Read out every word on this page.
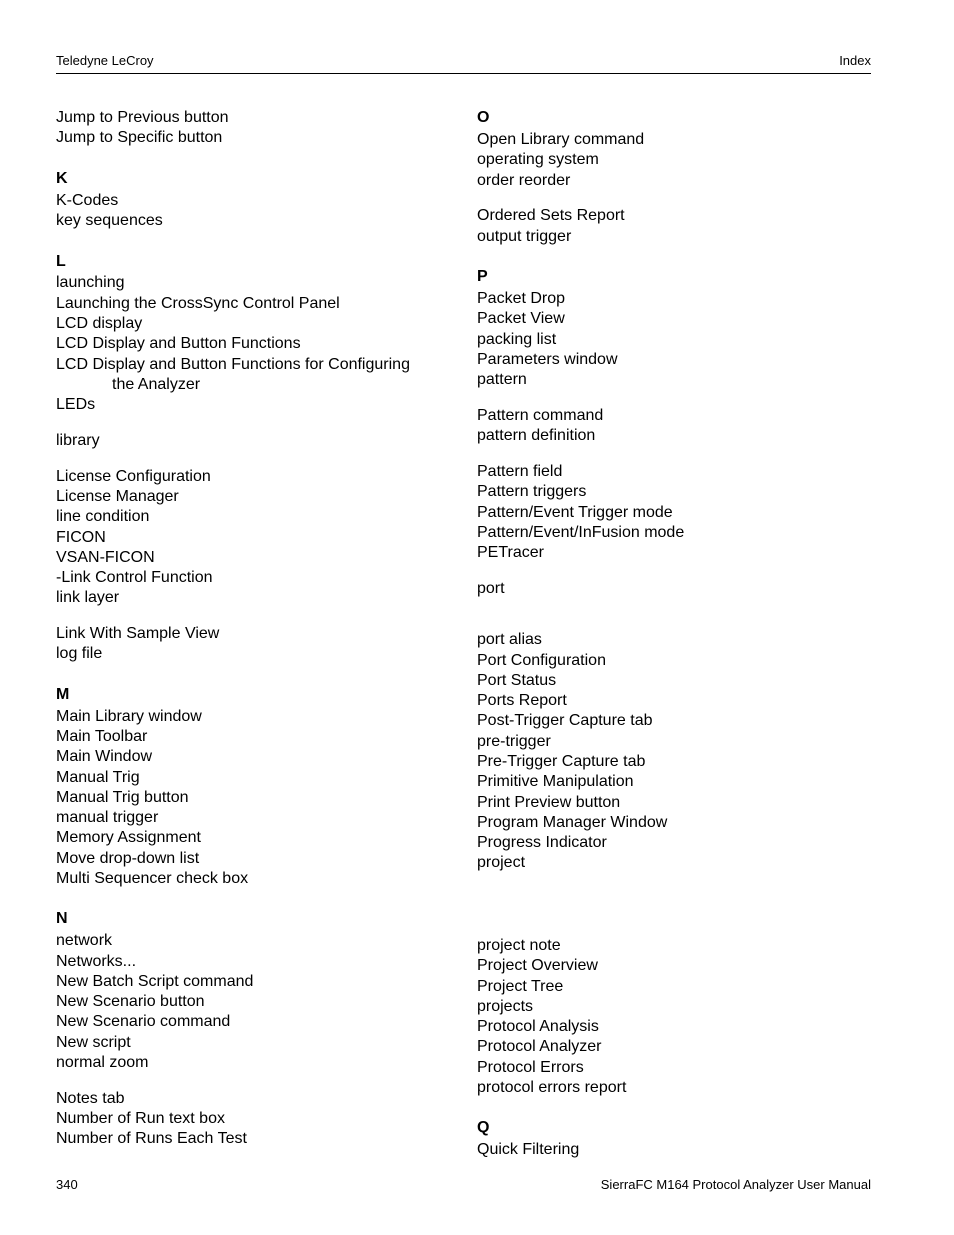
Teledyne LeCroy	Index
Jump to Previous button
Jump to Specific button
K
K-Codes
key sequences
L
launching
Launching the CrossSync Control Panel
LCD display
LCD Display and Button Functions
LCD Display and Button Functions for Configuring
the Analyzer
LEDs
library
License Configuration
License Manager
line condition
FICON
VSAN-FICON
-Link Control Function
link layer
Link With Sample View
log file
M
Main Library window
Main Toolbar
Main Window
Manual Trig
Manual Trig button
manual trigger
Memory Assignment
Move drop-down list
Multi Sequencer check box
N
network
Networks...
New Batch Script command
New Scenario button
New Scenario command
New script
normal zoom
Notes tab
Number of Run text box
Number of Runs Each Test
O
Open Library command
operating system
order reorder
Ordered Sets Report
output trigger
P
Packet Drop
Packet View
packing list
Parameters window
pattern
Pattern command
pattern definition
Pattern field
Pattern triggers
Pattern/Event Trigger mode
Pattern/Event/InFusion mode
PETracer
port
port alias
Port Configuration
Port Status
Ports Report
Post-Trigger Capture tab
pre-trigger
Pre-Trigger Capture tab
Primitive Manipulation
Print Preview button
Program Manager Window
Progress Indicator
project
project note
Project Overview
Project Tree
projects
Protocol Analysis
Protocol Analyzer
Protocol Errors
protocol errors report
Q
Quick Filtering
340	SierraFC M164 Protocol Analyzer User Manual
